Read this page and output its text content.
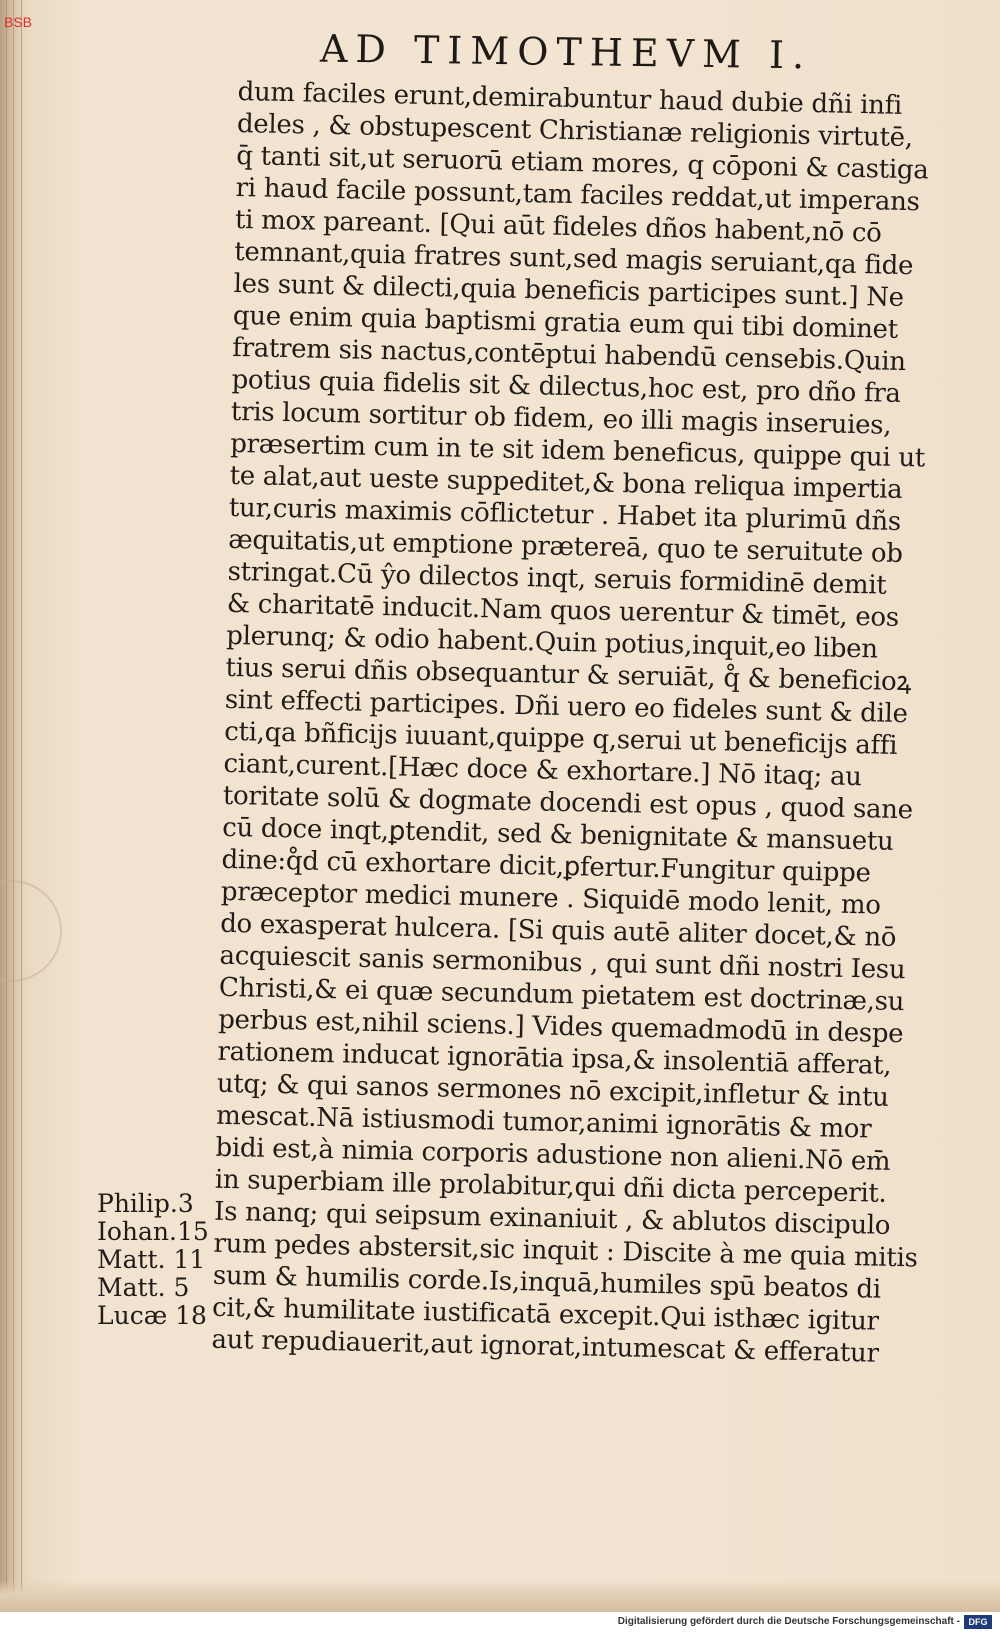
BSB
AD TIMOTHEVM I.
dum faciles erunt,demirabuntur haud dubie dñi infi
deles , & obstupescent Christianæ religionis virtutē,
q̄ tanti sit,ut seruorū etiam mores, q cōponi & castiga
ri haud facile possunt,tam faciles reddat,ut imperans
ti mox pareant. [Qui aūt fideles dños habent,nō cō
temnant,quia fratres sunt,sed magis seruiant,qa fide
les sunt & dilecti,quia beneficis participes sunt.] Ne
que enim quia baptismi gratia eum qui tibi dominet
fratrem sis nactus,contēptui habendū censebis.Quin
potius quia fidelis sit & dilectus,hoc est, pro dño fra
tris locum sortitur ob fidem, eo illi magis inseruies,
præsertim cum in te sit idem beneficus, quippe qui ut
te alat,aut ueste suppeditet,& bona reliqua impertia
tur,curis maximis cōflictetur . Habet ita plurimū dñs
æquitatis,ut emptione prætereā, quo te seruitute ob
stringat.Cū ŷo dilectos inqt, seruis formidinē demit
& charitatē inducit.Nam quos uerentur & timēt, eos
plerunq; & odio habent.Quin potius,inquit,eo liben
tius serui dñis obsequantur & seruiāt, q̊ & beneficioꝝ
sint effecti participes. Dñi uero eo fideles sunt & dile
cti,qa bñficijs iuuant,quippe q,serui ut beneficijs affi
ciant,curent.[Hæc doce & exhortare.] Nō itaq; au
toritate solū & dogmate docendi est opus , quod sane
cū doce inqt,ꝑtendit, sed & benignitate & mansuetu
dine:q̊d cū exhortare dicit,ꝑfertur.Fungitur quippe
præceptor medici munere . Siquidē modo lenit, mo
do exasperat hulcera. [Si quis autē aliter docet,& nō
acquiescit sanis sermonibus , qui sunt dñi nostri Iesu
Christi,& ei quæ secundum pietatem est doctrinæ,su
perbus est,nihil sciens.] Vides quemadmodū in despe
rationem inducat ignorātia ipsa,& insolentiā afferat,
utq; & qui sanos sermones nō excipit,infletur & intu
mescat.Nā istiusmodi tumor,animi ignorātis & mor
bidi est,à nimia corporis adustione non alieni.Nō em̄
in superbiam ille prolabitur,qui dñi dicta perceperit.
Is nanq; qui seipsum exinaniuit , & ablutos discipulo
rum pedes abstersit,sic inquit : Discite à me quia mitis
sum & humilis corde.Is,inquā,humiles spū beatos di
cit,& humilitate iustificatā excepit.Qui isthæc igitur
aut repudiauerit,aut ignorat,intumescat & efferatur
Philip.3
Iohan.15
Matt. 11
Matt. 5
Lucæ 18
Digitalisierung gefördert durch die Deutsche Forschungsgemeinschaft - DFG
